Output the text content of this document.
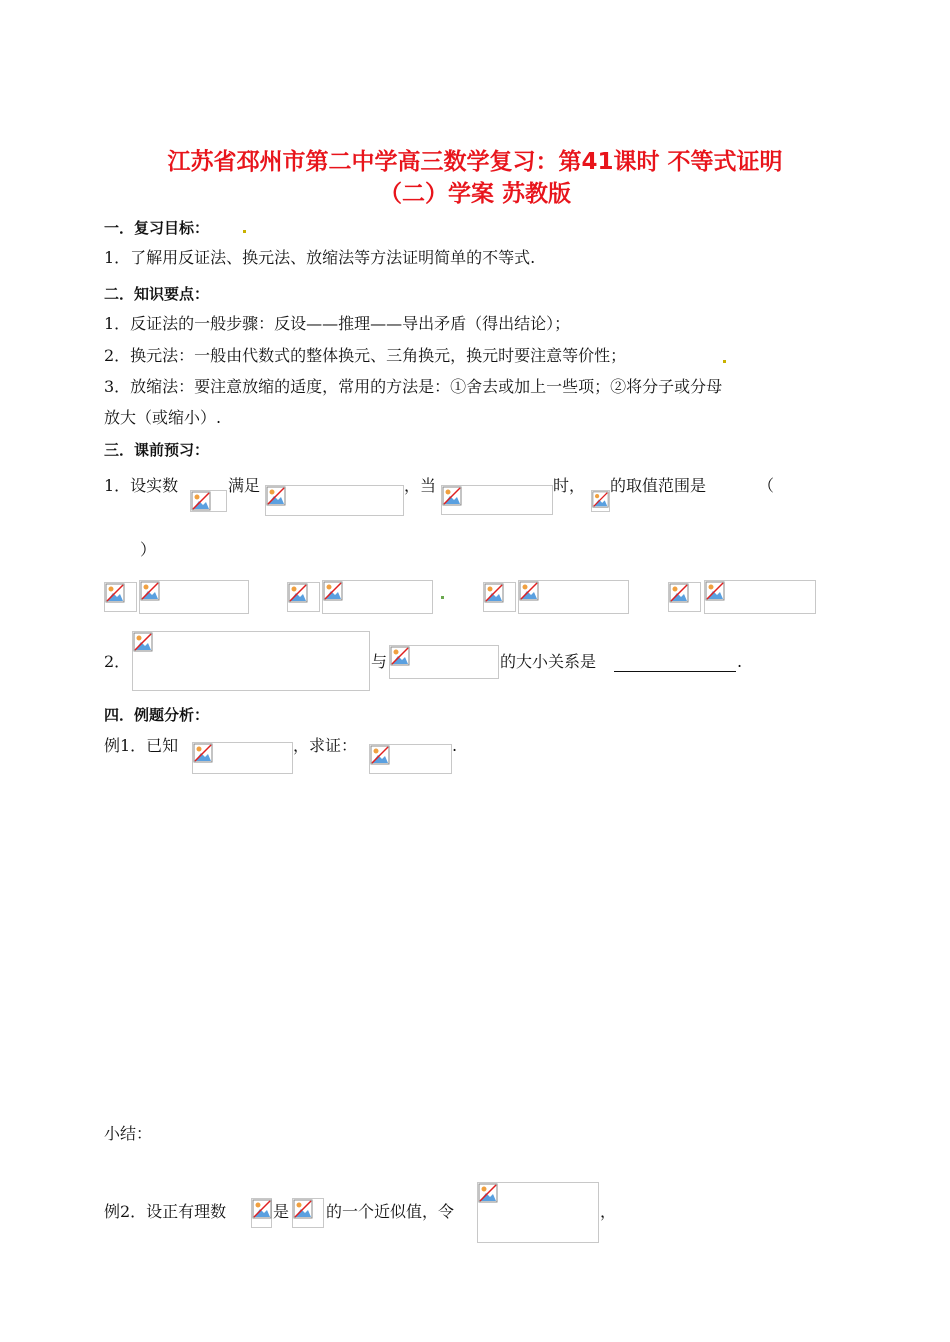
江苏省邳州市第二中学高三数学复习：第41课时 不等式证明
（二）学案 苏教版
一．复习目标：
1．了解用反证法、换元法、放缩法等方法证明简单的不等式.
二．知识要点：
1．反证法的一般步骤：反设——推理——导出矛盾（得出结论）；
2．换元法：一般由代数式的整体换元、三角换元，换元时要注意等价性；
3．放缩法：要注意放缩的适度，常用的方法是：①舍去或加上一些项；②将分子或分母
放大（或缩小）.
三．课前预习：
1．设实数	满足	，当	时， 的取值范围是	（
）
2．	与	的大小关系是	.
四．例题分析：
例1．已知	，求证：	.
小结：
例2．设正有理数	是 的一个近似值，令	，
